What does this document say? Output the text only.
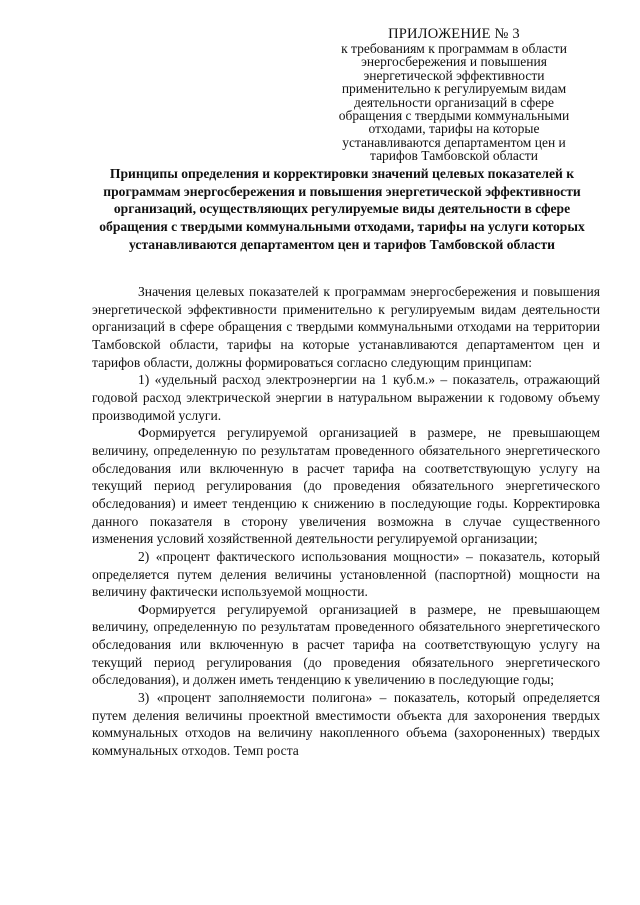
ПРИЛОЖЕНИЕ № 3
к требованиям к программам в области
энергосбережения и повышения
энергетической эффективности
применительно к регулируемым видам
деятельности организаций в сфере
обращения с твердыми коммунальными
отходами, тарифы на которые
устанавливаются департаментом цен и
тарифов Тамбовской области
Принципы определения и корректировки значений целевых показателей к программам энергосбережения и повышения энергетической эффективности организаций, осуществляющих регулируемые виды деятельности в сфере обращения с твердыми коммунальными отходами, тарифы на услуги которых устанавливаются департаментом цен и тарифов Тамбовской области

Значения целевых показателей к программам энергосбережения и повышения энергетической эффективности применительно к регулируемым видам деятельности организаций в сфере обращения с твердыми коммунальными отходами на территории Тамбовской области, тарифы на которые устанавливаются департаментом цен и тарифов области, должны формироваться согласно следующим принципам:

1) «удельный расход электроэнергии на 1 куб.м.» – показатель, отражающий годовой расход электрической энергии в натуральном выражении к годовому объему производимой услуги.

Формируется регулируемой организацией в размере, не превышающем величину, определенную по результатам проведенного обязательного энергетического обследования или включенную в расчет тарифа на соответствующую услугу на текущий период регулирования (до проведения обязательного энергетического обследования) и имеет тенденцию к снижению в последующие годы. Корректировка данного показателя в сторону увеличения возможна в случае существенного изменения условий хозяйственной деятельности регулируемой организации;

2) «процент фактического использования мощности» – показатель, который определяется путем деления величины установленной (паспортной) мощности на величину фактически используемой мощности.

Формируется регулируемой организацией в размере, не превышающем величину, определенную по результатам проведенного обязательного энергетического обследования или включенную в расчет тарифа на соответствующую услугу на текущий период регулирования (до проведения обязательного энергетического обследования), и должен иметь тенденцию к увеличению в последующие годы;

3) «процент заполняемости полигона» – показатель, который определяется путем деления величины проектной вместимости объекта для захоронения твердых коммунальных отходов на величину накопленного объема (захороненных) твердых коммунальных отходов. Темп роста
